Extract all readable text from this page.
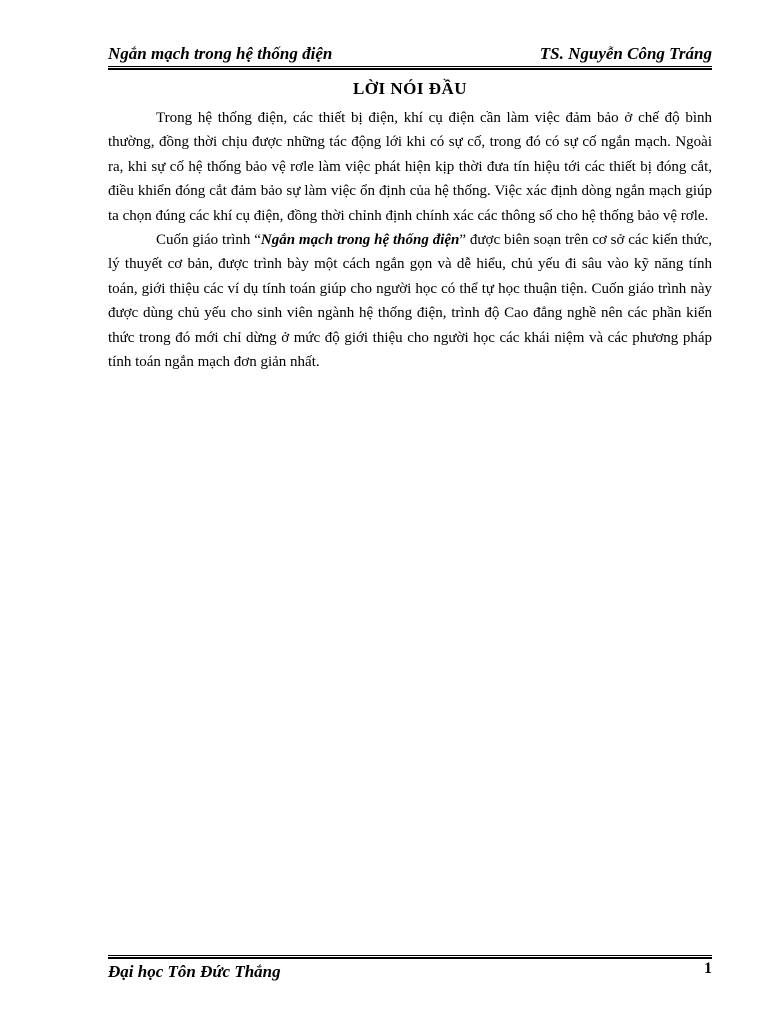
Ngắn mạch trong hệ thống điện	TS. Nguyễn Công Tráng
LỜI NÓI ĐẦU

Trong hệ thống điện, các thiết bị điện, khí cụ điện cần làm việc đảm bảo ở chế độ bình thường, đồng thời chịu được những tác động lới khi có sự cố, trong đó có sự cố ngắn mạch. Ngoài ra, khi sự cố hệ thống bảo vệ rơle làm việc phát hiện kịp thời đưa tín hiệu tới các thiết bị đóng cắt, điều khiển đóng cắt đảm bảo sự làm việc ổn định của hệ thống. Việc xác định dòng ngắn mạch giúp ta chọn đúng các khí cụ điện, đồng thời chỉnh định chính xác các thông số cho hệ thống bảo vệ rơle.

Cuốn giáo trình “Ngắn mạch trong hệ thống điện” được biên soạn trên cơ sở các kiến thức, lý thuyết cơ bản, được trình bày một cách ngắn gọn và dễ hiểu, chủ yếu đi sâu vào kỹ năng tính toán, giới thiệu các ví dụ tính toán giúp cho người học có thể tự học thuận tiện. Cuốn giáo trình này được dùng chủ yếu cho sinh viên ngành hệ thống điện, trình độ Cao đẳng nghề nên các phần kiến thức trong đó mới chỉ dừng ở mức độ giới thiệu cho người học các khái niệm và các phương pháp tính toán ngắn mạch đơn giản nhất.

Đại học Tôn Đức Thắng	1
